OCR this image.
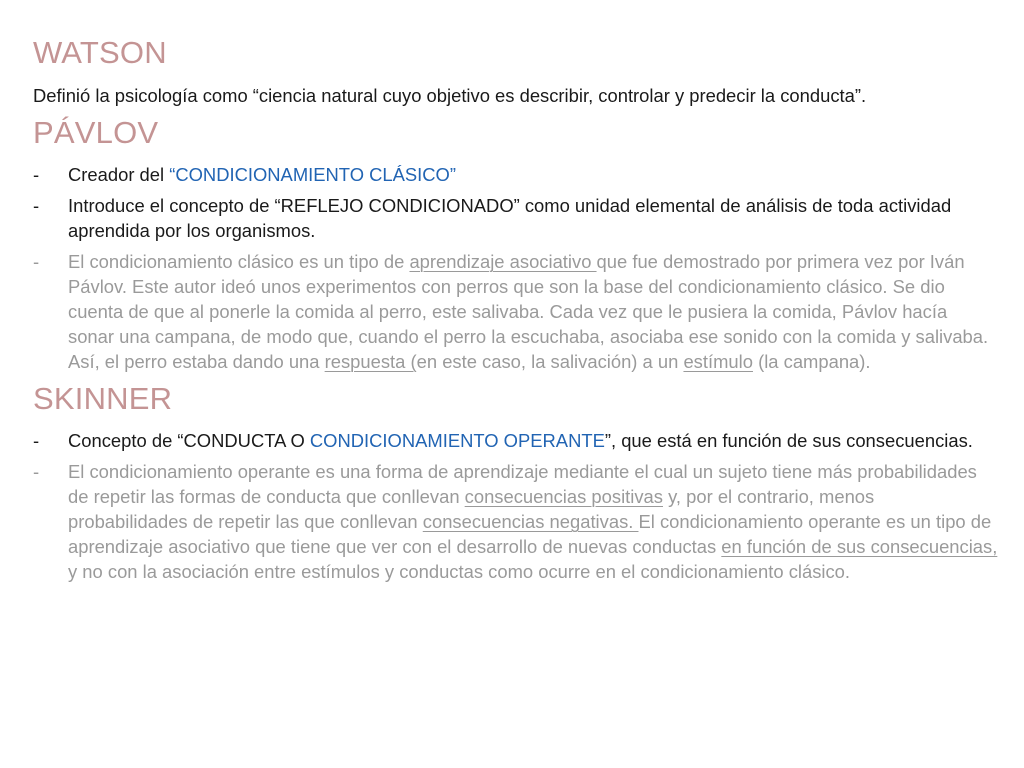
WATSON

Definió la psicología como “ciencia natural cuyo objetivo es describir, controlar y predecir la conducta”.

PÁVLOV
- Creador del “CONDICIONAMIENTO CLÁSICO”
- Introduce el concepto de “REFLEJO CONDICIONADO” como unidad elemental de análisis de toda actividad aprendida por los organismos.
- El condicionamiento clásico es un tipo de aprendizaje asociativo que fue demostrado por primera vez por Iván Pávlov. Este autor ideó unos experimentos con perros que son la base del condicionamiento clásico. Se dio cuenta de que al ponerle la comida al perro, este salivaba. Cada vez que le pusiera la comida, Pávlov hacía sonar una campana, de modo que, cuando el perro la escuchaba, asociaba ese sonido con la comida y salivaba. Así, el perro estaba dando una respuesta (en este caso, la salivación) a un estímulo (la campana).
SKINNER
- Concepto de “CONDUCTA O CONDICIONAMIENTO OPERANTE”, que está en función de sus consecuencias.
- El condicionamiento operante es una forma de aprendizaje mediante el cual un sujeto tiene más probabilidades de repetir las formas de conducta que conllevan consecuencias positivas y, por el contrario, menos probabilidades de repetir las que conllevan consecuencias negativas. El condicionamiento operante es un tipo de aprendizaje asociativo que tiene que ver con el desarrollo de nuevas conductas en función de sus consecuencias, y no con la asociación entre estímulos y conductas como ocurre en el condicionamiento clásico.
